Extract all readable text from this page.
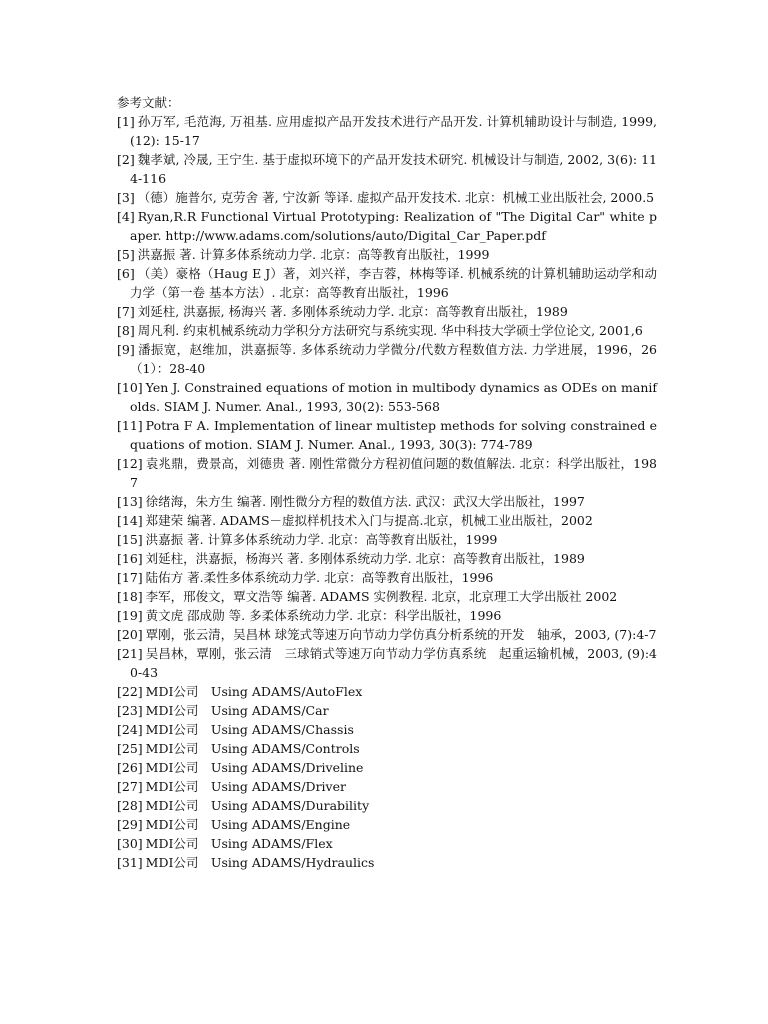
参考文献：
[1] 孙万军, 毛范海, 万祖基. 应用虚拟产品开发技术进行产品开发. 计算机辅助设计与制造, 1999, (12): 15-17
[2] 魏孝斌, 冷晟, 王宁生. 基于虚拟环境下的产品开发技术研究. 机械设计与制造, 2002, 3(6): 114-116
[3] （德）施普尔, 克劳舍 著, 宁汝新 等译. 虚拟产品开发技术. 北京：机械工业出版社会, 2000.5
[4] Ryan,R.R Functional Virtual Prototyping: Realization of "The Digital Car" white paper. http://www.adams.com/solutions/auto/Digital_Car_Paper.pdf
[5] 洪嘉振 著. 计算多体系统动力学. 北京：高等教育出版社，1999
[6] （美）豪格（Haug E J）著，刘兴祥，李吉蓉，林梅等译. 机械系统的计算机辅助运动学和动力学（第一卷 基本方法）. 北京：高等教育出版社，1996
[7] 刘延柱, 洪嘉振, 杨海兴 著. 多刚体系统动力学. 北京：高等教育出版社，1989
[8] 周凡利. 约束机械系统动力学积分方法研究与系统实现. 华中科技大学硕士学位论文, 2001,6
[9] 潘振宽，赵维加，洪嘉振等. 多体系统动力学微分/代数方程数值方法. 力学进展，1996，26（1）：28-40
[10] Yen J. Constrained equations of motion in multibody dynamics as ODEs on manifolds. SIAM J. Numer. Anal., 1993, 30(2): 553-568
[11] Potra F A. Implementation of linear multistep methods for solving constrained equations of motion. SIAM J. Numer. Anal., 1993, 30(3): 774-789
[12] 袁兆鼎，费景高，刘德贵 著. 刚性常微分方程初值问题的数值解法. 北京：科学出版社，1987
[13] 徐绪海，朱方生 编著. 刚性微分方程的数值方法. 武汉：武汉大学出版社，1997
[14] 郑建荣 编著. ADAMS－虚拟样机技术入门与提高.北京，机械工业出版社，2002
[15] 洪嘉振 著. 计算多体系统动力学. 北京：高等教育出版社，1999
[16] 刘延柱，洪嘉振，杨海兴 著. 多刚体系统动力学. 北京：高等教育出版社，1989
[17] 陆佑方 著.柔性多体系统动力学. 北京：高等教育出版社，1996
[18] 李军，邢俊文，覃文浩等 编著. ADAMS 实例教程. 北京，北京理工大学出版社 2002
[19] 黄文虎 邵成勋 等. 多柔体系统动力学. 北京：科学出版社，1996
[20] 覃刚，张云清，吴昌林 球笼式等速万向节动力学仿真分析系统的开发　轴承，2003, (7):4-7
[21] 吴昌林，覃刚，张云清　三球销式等速万向节动力学仿真系统　起重运输机械，2003, (9):40-43
[22] MDI公司　Using ADAMS/AutoFlex
[23] MDI公司　Using ADAMS/Car
[24] MDI公司　Using ADAMS/Chassis
[25] MDI公司　Using ADAMS/Controls
[26] MDI公司　Using ADAMS/Driveline
[27] MDI公司　Using ADAMS/Driver
[28] MDI公司　Using ADAMS/Durability
[29] MDI公司　Using ADAMS/Engine
[30] MDI公司　Using ADAMS/Flex
[31] MDI公司　Using ADAMS/Hydraulics
